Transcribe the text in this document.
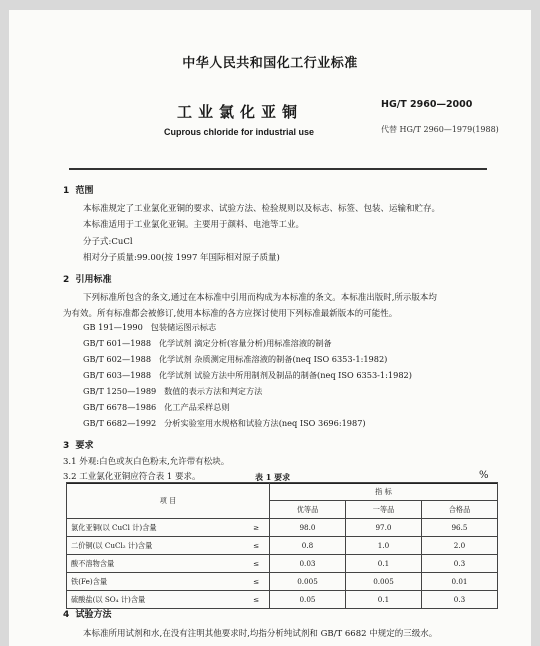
中华人民共和国化工行业标准
工业氯化亚铜	HG/T 2960—2000
Cuprous chloride for industrial use	代替 HG/T 2960—1979(1988)
1 范围
本标准规定了工业氯化亚铜的要求、试验方法、检验规则以及标志、标签、包装、运输和贮存。
本标准适用于工业氯化亚铜。主要用于颜料、电池等工业。
分子式:CuCl
相对分子质量:99.00(按 1997 年国际相对原子质量)
2 引用标准
下列标准所包含的条文,通过在本标准中引用而构成为本标准的条文。本标准出版时,所示版本均
为有效。所有标准都会被修订,使用本标准的各方应探讨使用下列标准最新版本的可能性。
GB 191—1990 包装储运图示标志
GB/T 601—1988 化学试剂 滴定分析(容量分析)用标准溶液的制备
GB/T 602—1988 化学试剂 杂质测定用标准溶液的制备(neq ISO 6353-1:1982)
GB/T 603—1988 化学试剂 试验方法中所用制剂及制品的制备(neq ISO 6353-1:1982)
GB/T 1250—1989 数值的表示方法和判定方法
GB/T 6678—1986 化工产品采样总则
GB/T 6682—1992 分析实验室用水规格和试验方法(neq ISO 3696:1987)
3 要求
3.1 外观:白色或灰白色粉末,允许带有松块。
3.2 工业氯化亚铜应符合表 1 要求。	表 1 要求	%
项 目		指 标		
		优等品	一等品	合格品
氯化亚铜(以 CuCl 计)含量	≥	98.0	97.0	96.5
二价铜(以 CuCl₂ 计)含量	≤	0.8	1.0	2.0
酸不溶物含量	≤	0.03	0.1	0.3
铁(Fe)含量	≤	0.005	0.005	0.01
硫酸盐(以 SO₄ 计)含量	≤	0.05	0.1	0.3
4 试验方法
本标准所用试剂和水,在没有注明其他要求时,均指分析纯试剂和 GB/T 6682 中规定的三级水。
